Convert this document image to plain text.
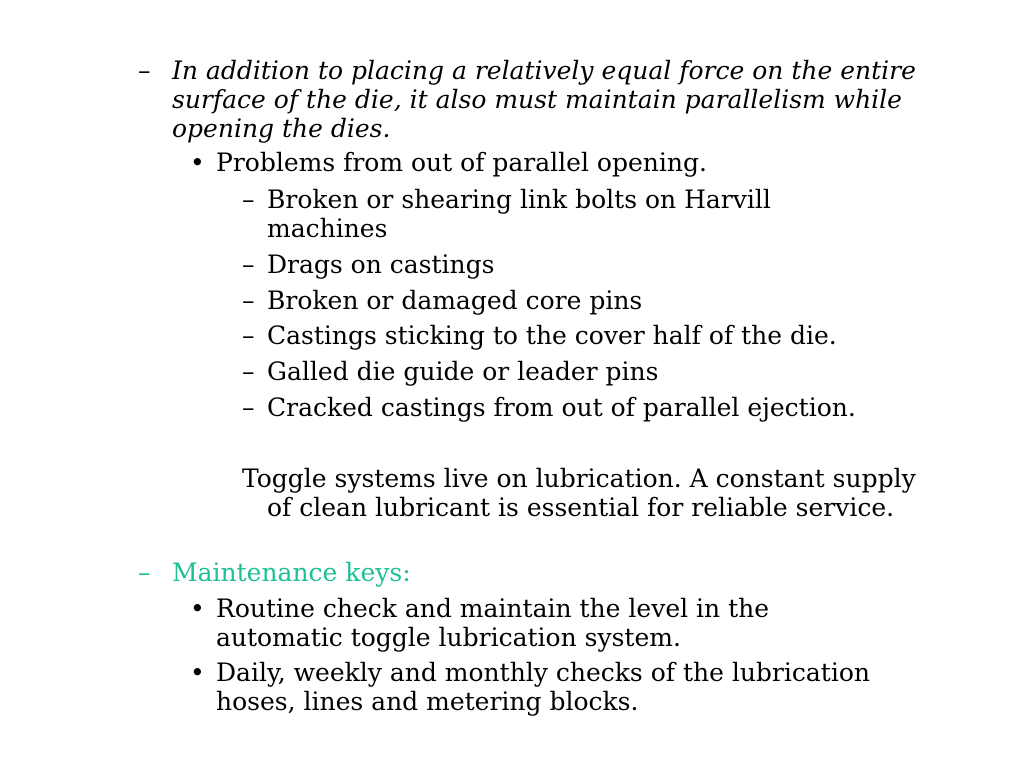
– In addition to placing a relatively equal force on the entire surface of the die, it also must maintain parallelism while opening the dies.
• Problems from out of parallel opening.
– Broken or shearing link bolts on Harvill machines
– Drags on castings
– Broken or damaged core pins
– Castings sticking to the cover half of the die.
– Galled die guide or leader pins
– Cracked castings from out of parallel ejection.
Toggle systems live on lubrication. A constant supply of clean lubricant is essential for reliable service.
– Maintenance keys:
• Routine check and maintain the level in the automatic toggle lubrication system.
• Daily, weekly and monthly checks of the lubrication hoses, lines and metering blocks.
